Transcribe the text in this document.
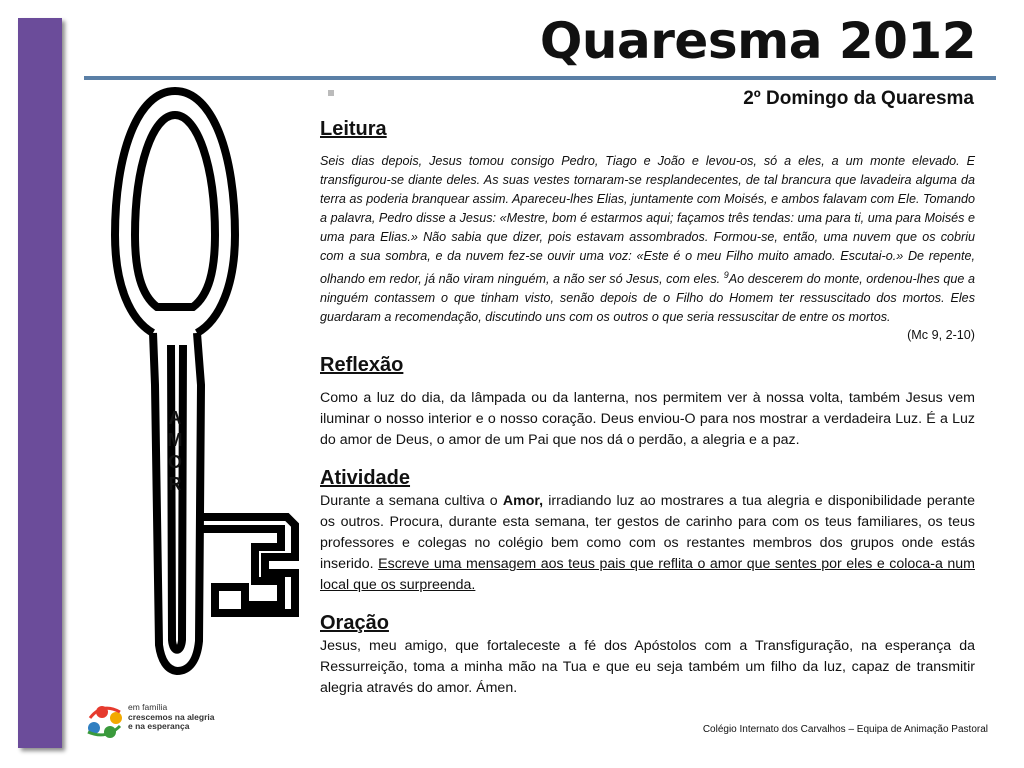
Quaresma 2012
2º Domingo da Quaresma
A
M
O
R
Leitura

Seis dias depois, Jesus tomou consigo Pedro, Tiago e João e levou-os, só a eles, a um monte elevado. E transfigurou-se diante deles. As suas vestes tornaram-se resplandecentes, de tal brancura que lavadeira alguma da terra as poderia branquear assim. Apareceu-lhes Elias, juntamente com Moisés, e ambos falavam com Ele. Tomando a palavra, Pedro disse a Jesus: «Mestre, bom é estarmos aqui; façamos três tendas: uma para ti, uma para Moisés e uma para Elias.» Não sabia que dizer, pois estavam assombrados. Formou-se, então, uma nuvem que os cobriu com a sua sombra, e da nuvem fez-se ouvir uma voz: «Este é o meu Filho muito amado. Escutai-o.» De repente, olhando em redor, já não viram ninguém, a não ser só Jesus, com eles. $^9$Ao descerem do monte, ordenou-lhes que a ninguém contassem o que tinham visto, senão depois de o Filho do Homem ter ressuscitado dos mortos. Eles guardaram a recomendação, discutindo uns com os outros o que seria ressuscitar de entre os mortos.

(Mc 9, 2-10)

Reflexão

Como a luz do dia, da lâmpada ou da lanterna, nos permitem ver à nossa volta, também Jesus vem iluminar o nosso interior e o nosso coração. Deus enviou-O para nos mostrar a verdadeira Luz. É a Luz do amor de Deus, o amor de um Pai que nos dá o perdão, a alegria e a paz.

Atividade

Durante a semana cultiva o Amor, irradiando luz ao mostrares a tua alegria e disponibilidade perante os outros. Procura, durante esta semana, ter gestos de carinho para com os teus familiares, os teus professores e colegas no colégio bem como com os restantes membros dos grupos onde estás inserido. Escreve uma mensagem aos teus pais que reflita o amor que sentes por eles e coloca-a num local que os surpreenda.

Oração

Jesus, meu amigo, que fortaleceste a fé dos Apóstolos com a Transfiguração, na esperança da Ressurreição, toma a minha mão na Tua e que eu seja também um filho da luz, capaz de transmitir alegria através do amor. Ámen.

em família
crescemos na alegria
e na esperança	Colégio Internato dos Carvalhos – Equipa de Animação Pastoral
